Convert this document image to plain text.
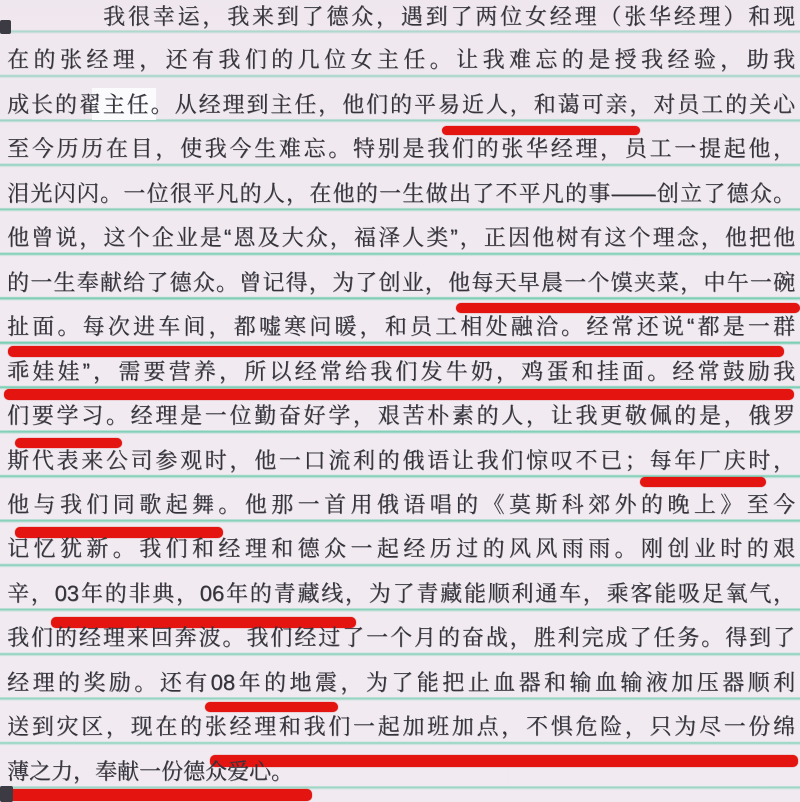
我很幸运，我来到了德众，遇到了两位女经理（张华经理）和现
在的张经理，还有我们的几位女主任。让我难忘的是授我经验，助我
成长的翟主任。从经理到主任，他们的平易近人，和蔼可亲，对员工的关心
至今历历在目，使我今生难忘。特别是我们的张华经理，员工一提起他，
泪光闪闪。一位很平凡的人，在他的一生做出了不平凡的事——创立了德众。
他曾说，这个企业是“恩及大众，福泽人类”，正因他树有这个理念，他把他
的一生奉献给了德众。曾记得，为了创业，他每天早晨一个馍夹菜，中午一碗
扯面。每次进车间，都嘘寒问暖，和员工相处融洽。经常还说“都是一群
乖娃娃”，需要营养，所以经常给我们发牛奶，鸡蛋和挂面。经常鼓励我
们要学习。经理是一位勤奋好学，艰苦朴素的人，让我更敬佩的是，俄罗
斯代表来公司参观时，他一口流利的俄语让我们惊叹不已；每年厂庆时，
他与我们同歌起舞。他那一首用俄语唱的《莫斯科郊外的晚上》至今
记忆犹新。我们和经理和德众一起经历过的风风雨雨。刚创业时的艰
辛，03年的非典，06年的青藏线，为了青藏能顺利通车，乘客能吸足氧气，
我们的经理来回奔波。我们经过了一个月的奋战，胜利完成了任务。得到了
经理的奖励。还有08年的地震，为了能把止血器和输血输液加压器顺利
送到灾区，现在的张经理和我们一起加班加点，不惧危险，只为尽一份绵
薄之力，奉献一份德众爱心。
